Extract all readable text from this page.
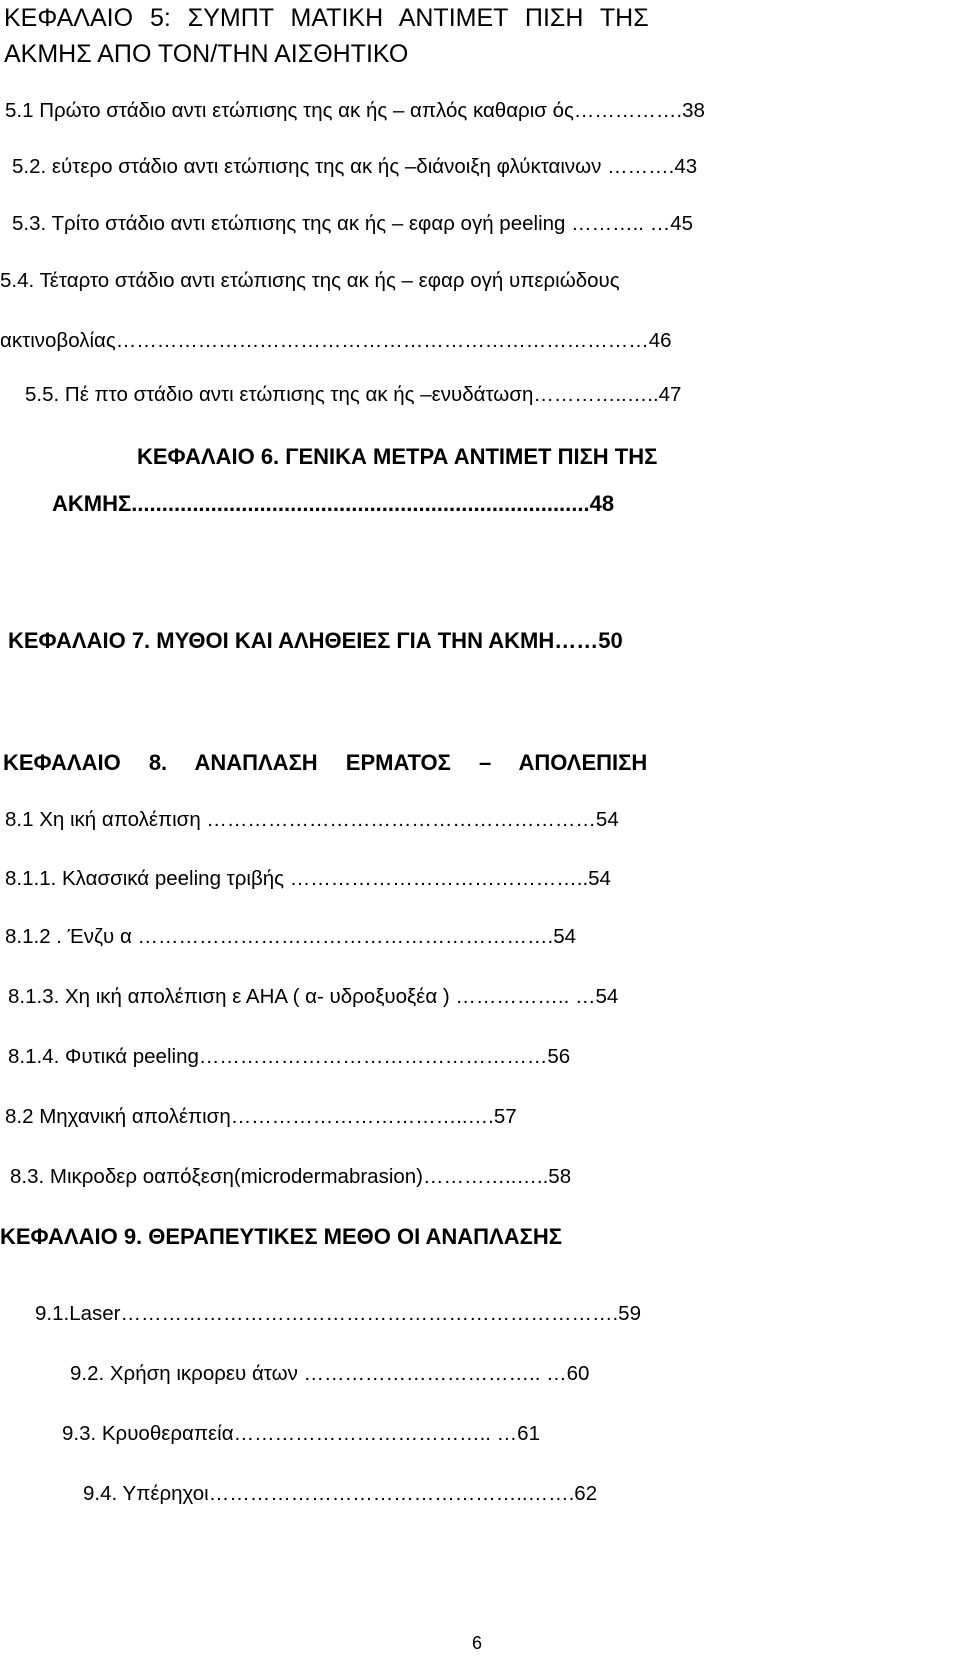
ΚΕΦΑΛΑΙΟ 5: ΣΥΜΠΤ ΜΑΤΙΚΗ ΑΝΤΙΜΕΤ ΠΙΣΗ ΤΗΣ
ΑΚΜΗΣ ΑΠΟ ΤΟΝ/ΤΗΝ ΑΙΣΘΗΤΙΚΟ
5.1 Πρώτο στάδιο αντι ετώπισης της ακ ής – απλός καθαρισ ός…………….38
5.2. εύτερο στάδιο αντι ετώπισης της ακ ής –διάνοιξη φλύκταινων ……….43
5.3. Τρίτο στάδιο αντι ετώπισης της ακ ής – εφαρ ογή peeling ……….. …45
5.4. Τέταρτο στάδιο αντι ετώπισης της ακ ής – εφαρ ογή υπεριώδους
ακτινοβολίας……………………………………………………………………46
5.5. Πέ πτο στάδιο αντι ετώπισης της ακ ής –ενυδάτωση…………..…..47
ΚΕΦΑΛΑΙΟ 6. ΓΕΝΙΚΑ ΜΕΤΡΑ ΑΝΤΙΜΕΤ ΠΙΣΗ ΤΗΣ
ΑΚΜΗΣ...........................................................................48
ΚΕΦΑΛΑΙΟ 7. ΜΥΘΟΙ ΚΑΙ ΑΛΗΘΕΙΕΣ ΓΙΑ ΤΗΝ ΑΚΜΗ……50
ΚΕΦΑΛΑΙΟ 8. ΑΝΑΠΛΑΣΗ ΕΡΜΑΤΟΣ – ΑΠΟΛΕΠΙΣΗ
8.1 Χη ική απολέπιση …………………………………………………54
8.1.1. Κλασσικά peeling τριβής ……………………………………..54
8.1.2 . Ένζυ α …………………………………………………….54
8.1.3. Χη ική απολέπιση ε ΑΗΑ ( α- υδροξυοξέα ) …………….. …54
8.1.4. Φυτικά peeling……………………………………………56
8.2 Μηχανική απολέπιση……………………………..….57
8.3. Μικροδερ οαπόξεση(microdermabrasion)…………..…..58
ΚΕΦΑΛΑΙΟ 9. ΘΕΡΑΠΕΥΤΙΚΕΣ ΜΕΘΟ ΟΙ ΑΝΑΠΛΑΣΗΣ
9.1.Laser……………………………………………………………….59
9.2. Χρήση ικρορευ άτων …………………………….. …60
9.3. Κρυοθεραπεία……………………………….. …61
9.4. Υπέρηχοι………………………………………..…….62
6
